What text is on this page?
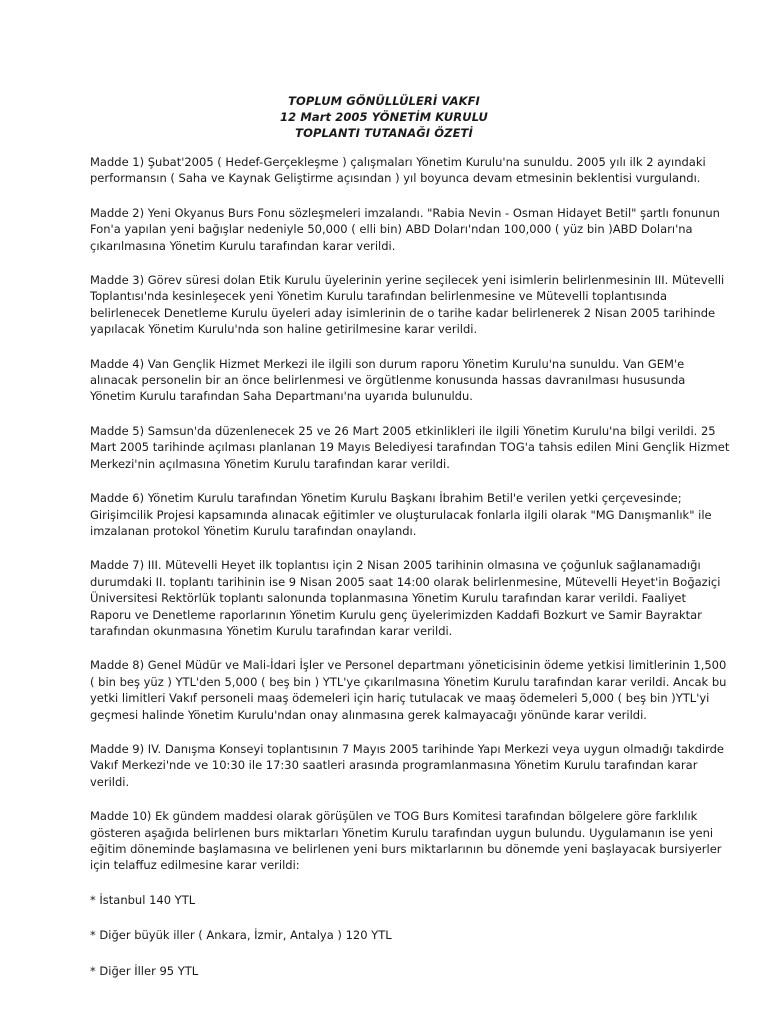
TOPLUM GÖNÜLLÜLERİ VAKFI
12 Mart 2005 YÖNETİM KURULU
TOPLANTI TUTANAĞI ÖZETİ

Madde 1) Şubat'2005 ( Hedef-Gerçekleşme ) çalışmaları Yönetim Kurulu'na sunuldu. 2005 yılı ilk 2 ayındaki performansın ( Saha ve Kaynak Geliştirme açısından ) yıl boyunca devam etmesinin beklentisi vurgulandı.

Madde 2) Yeni Okyanus Burs Fonu sözleşmeleri imzalandı. "Rabia Nevin - Osman Hidayet Betil" şartlı fonunun Fon'a yapılan yeni bağışlar nedeniyle 50,000 ( elli bin) ABD Doları'ndan 100,000 ( yüz bin )ABD Doları'na çıkarılmasına Yönetim Kurulu tarafından karar verildi.

Madde 3) Görev süresi dolan Etik Kurulu üyelerinin yerine seçilecek yeni isimlerin belirlenmesinin III. Mütevelli Toplantısı'nda kesinleşecek yeni Yönetim Kurulu tarafından belirlenmesine ve Mütevelli toplantısında belirlenecek Denetleme Kurulu üyeleri aday isimlerinin de o tarihe kadar belirlenerek 2 Nisan 2005 tarihinde yapılacak Yönetim Kurulu'nda son haline getirilmesine karar verildi.

Madde 4) Van Gençlik Hizmet Merkezi ile ilgili son durum raporu Yönetim Kurulu'na sunuldu. Van GEM'e alınacak personelin bir an önce belirlenmesi ve örgütlenme konusunda hassas davranılması hususunda Yönetim Kurulu tarafından Saha Departmanı'na uyarıda bulunuldu.

Madde 5) Samsun'da düzenlenecek 25 ve 26 Mart 2005 etkinlikleri ile ilgili Yönetim Kurulu'na bilgi verildi. 25 Mart 2005 tarihinde açılması planlanan 19 Mayıs Belediyesi tarafından TOG'a tahsis edilen Mini Gençlik Hizmet Merkezi'nin açılmasına Yönetim Kurulu tarafından karar verildi.

Madde 6) Yönetim Kurulu tarafından Yönetim Kurulu Başkanı İbrahim Betil'e verilen yetki çerçevesinde; Girişimcilik Projesi kapsamında alınacak eğitimler ve oluşturulacak fonlarla ilgili olarak "MG Danışmanlık" ile imzalanan protokol Yönetim Kurulu tarafından onaylandı.

Madde 7) III. Mütevelli Heyet ilk toplantısı için 2 Nisan 2005 tarihinin olmasına ve çoğunluk sağlanamadığı durumdaki II. toplantı tarihinin ise 9 Nisan 2005 saat 14:00 olarak belirlenmesine, Mütevelli Heyet'in Boğaziçi Üniversitesi Rektörlük toplantı salonunda toplanmasına Yönetim Kurulu tarafından karar verildi. Faaliyet Raporu ve Denetleme raporlarının Yönetim Kurulu genç üyelerimizden Kaddafi Bozkurt ve Samir Bayraktar tarafından okunmasına Yönetim Kurulu tarafından karar verildi.

Madde 8) Genel Müdür ve Mali-İdari İşler ve Personel departmanı yöneticisinin ödeme yetkisi limitlerinin 1,500 ( bin beş yüz ) YTL'den 5,000 ( beş bin ) YTL'ye çıkarılmasına Yönetim Kurulu tarafından karar verildi. Ancak bu yetki limitleri Vakıf personeli maaş ödemeleri için hariç tutulacak ve maaş ödemeleri 5,000 ( beş bin )YTL'yi geçmesi halinde Yönetim Kurulu'ndan onay alınmasına gerek kalmayacağı yönünde karar verildi.

Madde 9) IV. Danışma Konseyi toplantısının 7 Mayıs 2005 tarihinde Yapı Merkezi veya uygun olmadığı takdirde Vakıf Merkezi'nde ve 10:30 ile 17:30 saatleri arasında programlanmasına Yönetim Kurulu tarafından karar verildi.

Madde 10) Ek gündem maddesi olarak görüşülen ve TOG Burs Komitesi tarafından bölgelere göre farklılık gösteren aşağıda belirlenen burs miktarları Yönetim Kurulu tarafından uygun bulundu. Uygulamanın ise yeni eğitim döneminde başlamasına ve belirlenen yeni burs miktarlarının bu dönemde yeni başlayacak bursiyerler için telaffuz edilmesine karar verildi:

* İstanbul 140 YTL

* Diğer büyük iller ( Ankara, İzmir, Antalya ) 120 YTL

* Diğer İller 95 YTL
